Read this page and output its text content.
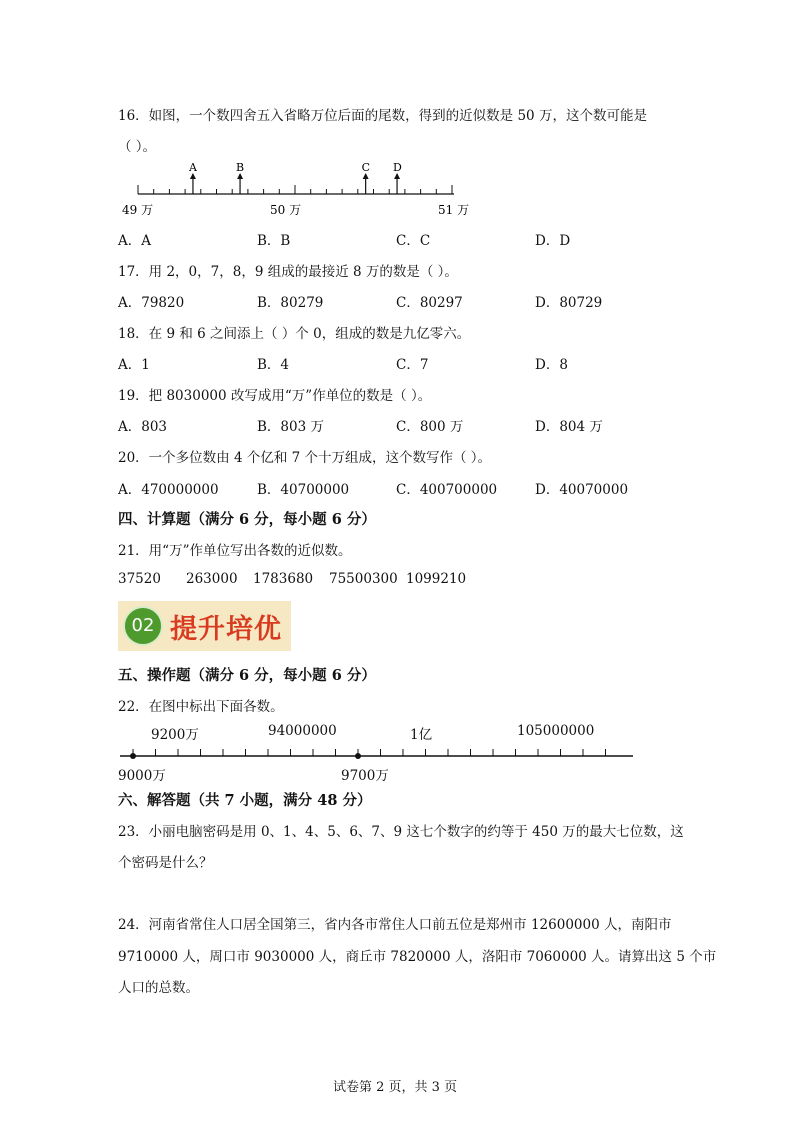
16．如图，一个数四舍五入省略万位后面的尾数，得到的近似数是 50 万，这个数可能是
（ ）。
A	B	C D
49 万	50 万	51 万
A．A	B．B	C．C	D．D
17．用 2，0，7，8，9 组成的最接近 8 万的数是（ ）。
A．79820	B．80279	C．80297	D．80729
18．在 9 和 6 之间添上（ ）个 0，组成的数是九亿零六。
A．1	B．4	C．7	D．8
19．把 8030000 改写成用“万”作单位的数是（ ）。
A．803	B．803 万	C．800 万	D．804 万
20．一个多位数由 4 个亿和 7 个十万组成，这个数写作（ ）。
A．470000000	B．40700000	C．400700000	D．40070000
四、计算题（满分 6 分，每小题 6 分）
21．用“万”作单位写出各数的近似数。
37520 263000 1783680 75500300 1099210
02 提升培优
五、操作题（满分 6 分，每小题 6 分）
22．在图中标出下面各数。
9200万	94000000	1亿	105000000
9000万	9700万
六、解答题（共 7 小题，满分 48 分）
23．小丽电脑密码是用 0、1、4、5、6、7、9 这七个数字的约等于 450 万的最大七位数，这
个密码是什么？
24．河南省常住人口居全国第三，省内各市常住人口前五位是郑州市 12600000 人，南阳市
9710000 人，周口市 9030000 人，商丘市 7820000 人，洛阳市 7060000 人。请算出这 5 个市
人口的总数。
试卷第 2 页，共 3 页
